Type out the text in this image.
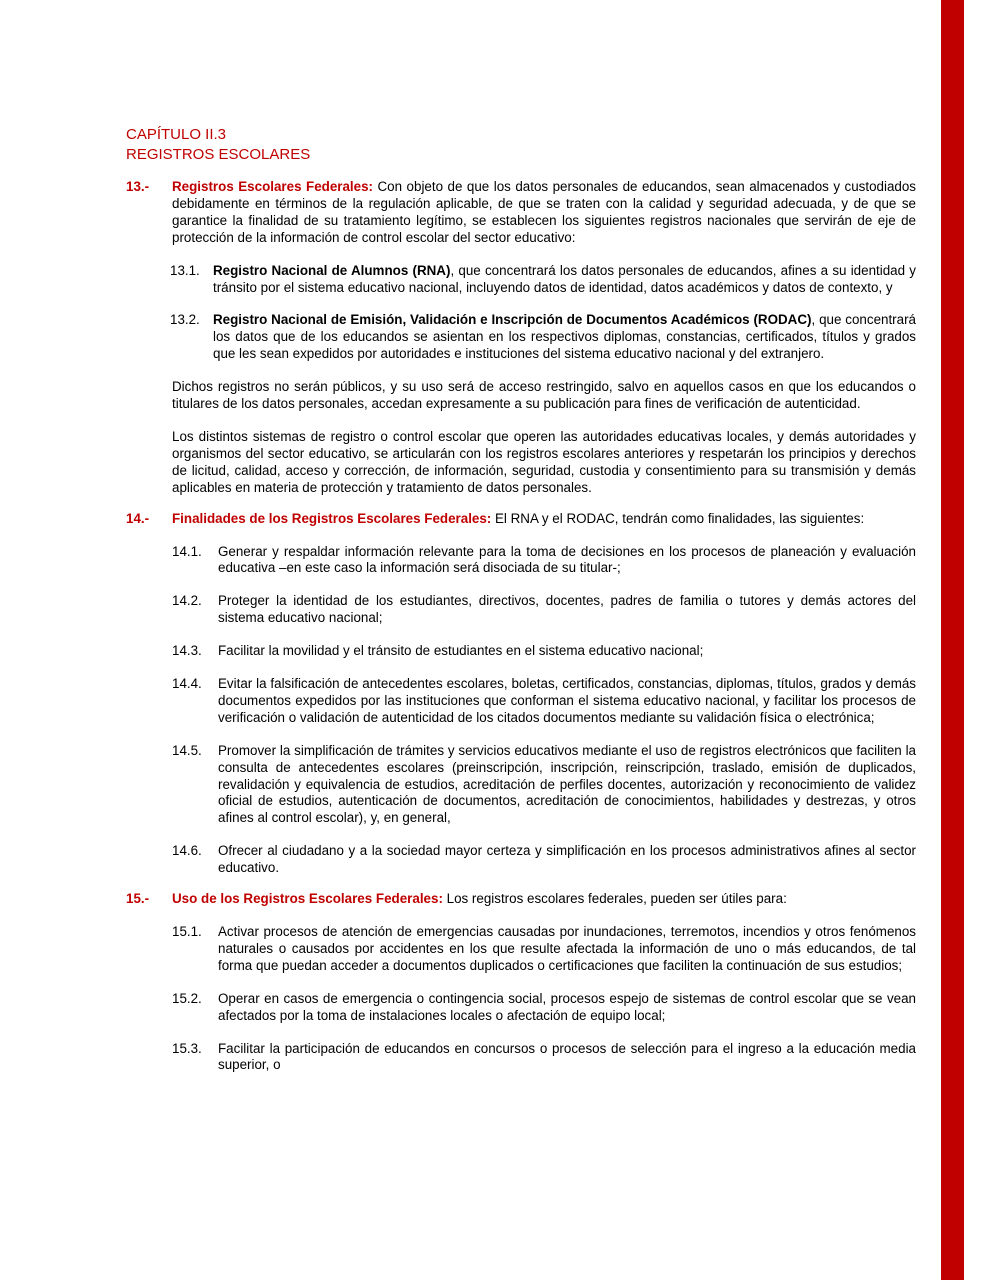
CAPÍTULO II.3
REGISTROS ESCOLARES
13.- Registros Escolares Federales: Con objeto de que los datos personales de educandos, sean almacenados y custodiados debidamente en términos de la regulación aplicable, de que se traten con la calidad y seguridad adecuada, y de que se garantice la finalidad de su tratamiento legítimo, se establecen los siguientes registros nacionales que servirán de eje de protección de la información de control escolar del sector educativo:
13.1. Registro Nacional de Alumnos (RNA), que concentrará los datos personales de educandos, afines a su identidad y tránsito por el sistema educativo nacional, incluyendo datos de identidad, datos académicos y datos de contexto, y
13.2. Registro Nacional de Emisión, Validación e Inscripción de Documentos Académicos (RODAC), que concentrará los datos que de los educandos se asientan en los respectivos diplomas, constancias, certificados, títulos y grados que les sean expedidos por autoridades e instituciones del sistema educativo nacional y del extranjero.
Dichos registros no serán públicos, y su uso será de acceso restringido, salvo en aquellos casos en que los educandos o titulares de los datos personales, accedan expresamente a su publicación para fines de verificación de autenticidad.
Los distintos sistemas de registro o control escolar que operen las autoridades educativas locales, y demás autoridades y organismos del sector educativo, se articularán con los registros escolares anteriores y respetarán los principios y derechos de licitud, calidad, acceso y corrección, de información, seguridad, custodia y consentimiento para su transmisión y demás aplicables en materia de protección y tratamiento de datos personales.
14.- Finalidades de los Registros Escolares Federales: El RNA y el RODAC, tendrán como finalidades, las siguientes:
14.1. Generar y respaldar información relevante para la toma de decisiones en los procesos de planeación y evaluación educativa –en este caso la información será disociada de su titular-;
14.2. Proteger la identidad de los estudiantes, directivos, docentes, padres de familia o tutores y demás actores del sistema educativo nacional;
14.3. Facilitar la movilidad y el tránsito de estudiantes en el sistema educativo nacional;
14.4. Evitar la falsificación de antecedentes escolares, boletas, certificados, constancias, diplomas, títulos, grados y demás documentos expedidos por las instituciones que conforman el sistema educativo nacional, y facilitar los procesos de verificación o validación de autenticidad de los citados documentos mediante su validación física o electrónica;
14.5. Promover la simplificación de trámites y servicios educativos mediante el uso de registros electrónicos que faciliten la consulta de antecedentes escolares (preinscripción, inscripción, reinscripción, traslado, emisión de duplicados, revalidación y equivalencia de estudios, acreditación de perfiles docentes, autorización y reconocimiento de validez oficial de estudios, autenticación de documentos, acreditación de conocimientos, habilidades y destrezas, y otros afines al control escolar), y, en general,
14.6. Ofrecer al ciudadano y a la sociedad mayor certeza y simplificación en los procesos administrativos afines al sector educativo.
15.- Uso de los Registros Escolares Federales: Los registros escolares federales, pueden ser útiles para:
15.1. Activar procesos de atención de emergencias causadas por inundaciones, terremotos, incendios y otros fenómenos naturales o causados por accidentes en los que resulte afectada la información de uno o más educandos, de tal forma que puedan acceder a documentos duplicados o certificaciones que faciliten la continuación de sus estudios;
15.2. Operar en casos de emergencia o contingencia social, procesos espejo de sistemas de control escolar que se vean afectados por la toma de instalaciones locales o afectación de equipo local;
15.3. Facilitar la participación de educandos en concursos o procesos de selección para el ingreso a la educación media superior, o
